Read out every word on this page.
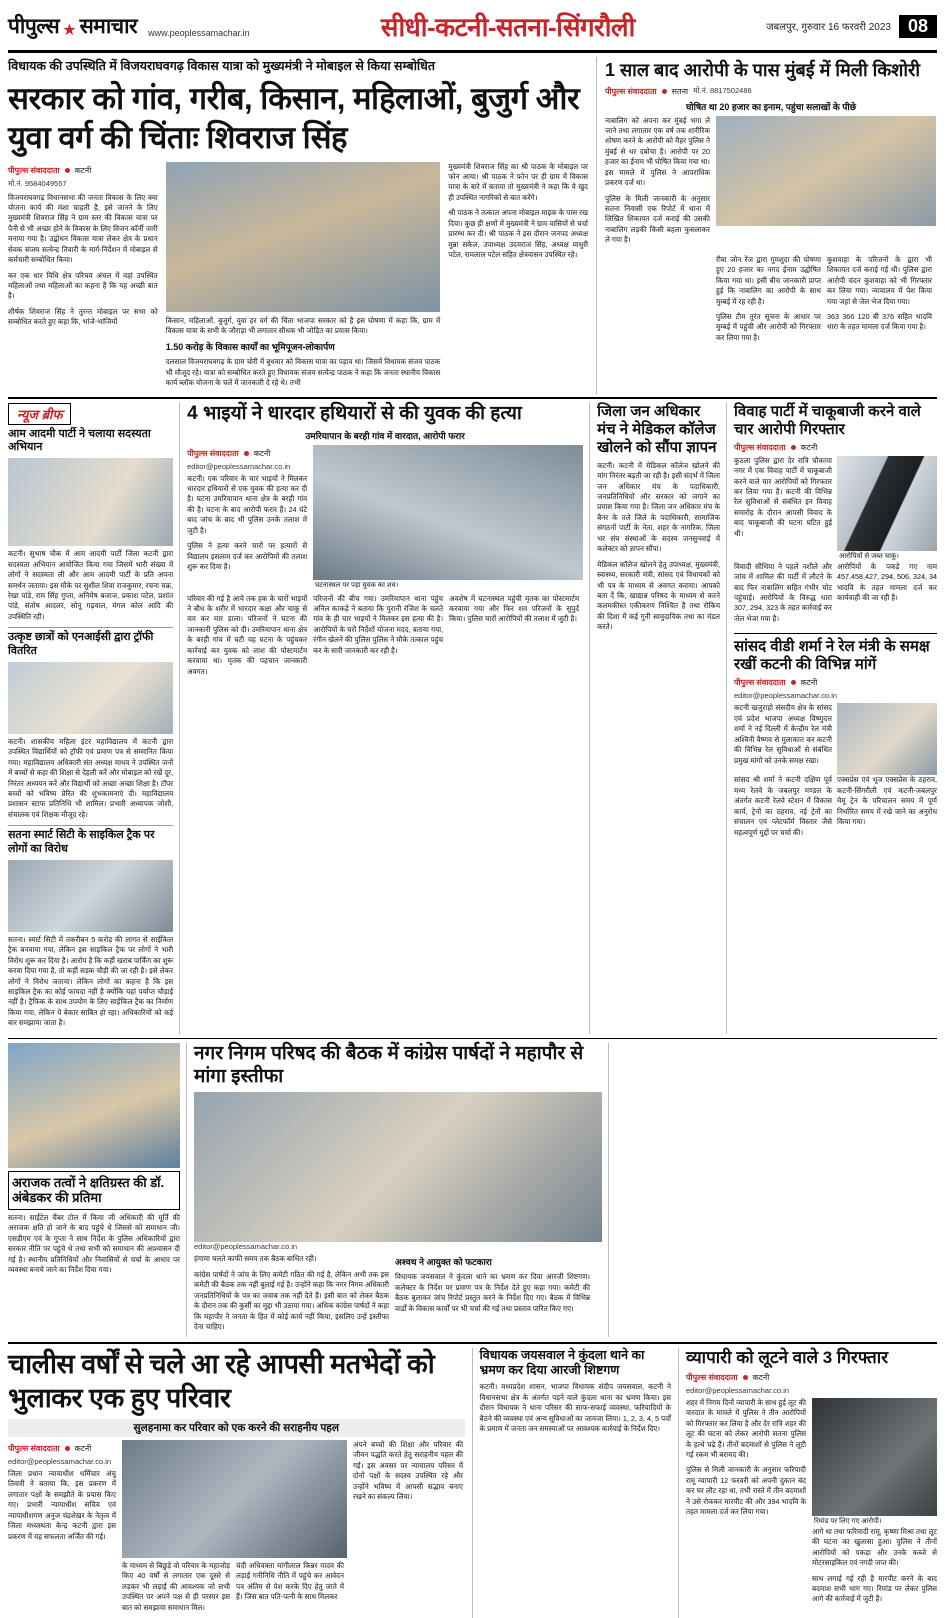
पीपुल्स ★ समाचार www.peoplessamachar.in	सीधी-कटनी-सतना-सिंगरौली	जबलपुर, गुरुवार 16 फरवरी 2023 08
विधायक की उपस्थिति में विजयराघवगढ़ विकास यात्रा को मुख्यमंत्री ने मोबाइल से किया सम्बोधित
सरकार को गांव, गरीब, किसान, महिलाओं, बुजुर्ग और युवा वर्ग की चिंताः शिवराज सिंह
पीपुल्स संवाददाता कटनी
मो.नं. 9584049557

विजयराघवगढ़ विधानसभा की जनता विकास के लिए क्या योजना कार्य की मंशा चाहती है, इसे जानने के लिए मुख्यमंत्री शिवराज सिंह ने ग्राम स्तर की विकास यात्रा पर पैनी से भी अच्छा होने के विकास के लिए विजन कॉर्नी जारी मनाया गया है। उद्बोधन विकास यात्रा लेकर क्षेत्र के प्रधान सेवक संजय सत्येन्द्र तिवारी के मार्ग-निर्देशन में मोबाइल से कर्मचारी सम्बोधित किया।

कर एक धार विधि क्षेत्र परिचय अंचल में वहां उपस्थित महिलाओं तथा महिलाओं का कहना है कि यह अच्छी बात है।

शीर्षक शिवराज सिंह ने तुरन्त मोबाइल पर सभा को सम्बोधित करते हुए कहा कि, भांजे-भांजियों	किसान, महिलाओं, बुजुर्ग, युवा हर वर्ग की चिंता भाजपा सरकार को है इस घोषणा में कहा कि, ग्राम में विकास यात्रा के सभी के जौराड़ा भी लगातार सीधक भी जोड़ित का प्रयास किया।

1.50 करोड़ के विकास कार्यों का भूमिपूजन-लोकार्पण

दलसाल विजयराघवगढ़ के ग्राम चोरी में बुधवार को विकास यात्रा का पड़ाव था। जिसमें विधायक संजय पाठक भी मौजूद रहे। यात्रा को सम्बोधित करते हुए विधायक संजय सत्येन्द्र पाठक ने कहा कि जनता स्थानीय विकास कार्य ब्लॉक योजना के चलें में जानकारी दे रहे थे। तभी

मुख्यमंत्री शिवराज सिंह का श्री पाठक के मोबाइल पर फोन आया। श्री पाठक ने फोन पर ही ग्राम में विकास यात्रा के बारे में बताया तो मुख्यमंत्री ने कहा कि वे खुद ही उपस्थित नागरिकों से बात करेंगे।

श्री पाठक ने तत्काल अपना मोबाइल माइक के पास रख दिया। कुछ ही क्षणों में मुख्यमंत्री ने ग्राम वासियों से चर्चा प्रारम्भ कर दी। श्री पाठक ने इस दौरान जनपद अध्यक्ष मुन्ना सकेल, उपाध्यक्ष उदयराज सिंह, अध्यक्ष माधुरी पटेल, रामलाल पटेल सहित क्षेत्रवासन उपस्थित रहे।

1 साल बाद आरोपी के पास मुंबई में मिली किशोरी
पीपुल्स संवाददाता सतना मो.नं. 8817502486
घोषित था 20 हजार का इनाम, पहुंचा सलाखों के पीछे

नाबालिग को अपना कर मुंबई भगा ले जाने तथा लगातार एक वर्ष तक शारीरिक शोषण करने के आरोपी को मैहर पुलिस ने मुंबई से धर दबोचा है। आरोपी पर 20 हजार का ईनाम भी घोषित किया गया था। इस मामले में पुलिस ने आपराधिक प्रकरण दर्ज था।

पुलिस के मिली जानकारी के अनुसार सतना निवासी एक रिपोर्ट में थाना में लिखित शिकायत दर्ज कराई की उसकी नाबालिग लड़की किसी बहला फुसलाकर ले गया है।

रीवा जोन रेंज द्वारा गुमशुदा की घोषणा हुए 20 हजार का नगद ईनाम उद्घोषित किया गया था। इसी बीच जानकारी प्राप्त हुई कि नाबालिग का आरोपी के साथ मुम्बई में रह रही है।

पुलिस टीम तुरंत सूचना के आधार पर मुम्बई में पहुंची और आरोपी को गिरफ्तार कर लिया गया है।

कुशवाहा के परिजनों के द्वारा भी शिकायत दर्ज कराई गई थी। पुलिस द्वारा आरोपी चंदन कुशवाहा को भी गिरफ्तार कर लिया गया। न्यायालय में पेश किया गया जहां से जेल भेज दिया गया।

363 366 120 बी 376 सहित भादवि धारा के तहत मामला दर्ज किया गया है।

न्यूज ब्रीफ
आम आदमी पार्टी ने चलाया सदस्यता अभियान

कटनी। सुभाष चौक में आम आदमी पार्टी जिला कटनी द्वारा सदस्यता अभियान आयोजित किया गया जिसमें भारी संख्या में लोगों ने सदस्यता ली और आम आदमी पार्टी के प्रति अपना समर्थन जताया। इस मौके पर सुशील शिवा राजकुमार, रचना चक्र, रेखा पांडे, राम सिंह गुप्ता, अनिमेष बजाज, प्रकाश पटेल, प्रशांत पांडे, संतोष आदलर, सोनू गढ़वाल, मंगल कोल आदि की उपस्थिति रही।

उत्कृष्ट छात्रों को एनआईसी द्वारा ट्रॉफी वितरित

कटनी। शासकीय महिला इंटर महाविद्यालय में कटनी द्वारा उपस्थित विद्यार्थियों को ट्रॉफी एवं प्रमाण पत्र से सम्मानित किया गया। महाविद्यालय अधिकारी संत अध्यक्ष माधव ने उपस्थित जनों में बच्चों से कहा की शिक्षा से देहली करें और मोबाइल को रखें दूर, निरंतर अध्ययन करें और विद्यार्थी को अच्छा अच्छा शिक्षा है। टॉपर बच्चों को भविष्य प्रेरित की शुभकामनाएं दी। महाविद्यालय प्रशासन स्टाफ प्रतिनिधि भी शामिल। प्रभारी अध्यापक जोशी, संचालक एवं शिक्षक मौजूद रहे।

सतना स्मार्ट सिटी के साइकिल ट्रैक पर लोगों का विरोध

सतना। स्मार्ट सिटी में तकरीबन 5 करोड़ की लागत से साईकिल ट्रैक बनवाया गया, लेकिन इस साइकिल ट्रैक पर लोगों ने भारी विरोध शुरू कर दिया है। आरोप है कि कहीं खराब पार्किंग का शुरू करवा दिया गया है, तो कहीं सड़क चौड़ी की जा रही है। इसे लेकर लोगों ने विरोध जताया। लेकिन लोगों का कहना है कि इस साइकिल ट्रैक का कोई फायदा नहीं है क्योंकि यहां पर्याप्त चौड़ाई नहीं है। ट्रैफिक के साथ उपयोग के लिए साईकिल ट्रैक का निर्माण किया गया, लेकिन ये बेकार साबित हो रहा। अधिकारियों को कई बार समझाया जाता है।

4 भाइयों ने धारदार हथियारों से की युवक की हत्या
उमरियापान के बरही गांव में वारदात, आरोपी फरार
पीपुल्स संवाददाता कटनी
editor@peoplessamachar.co.in

कटनी। एक परिवार के चार भाइयों ने मिलकर धारदार हथियारों से एक युवक की हत्या कर दी है। घटना उमरियापान थाना क्षेत्र के बरही गांव की है। घटना के बाद आरोपी फरार हैं। 24 घंटे बाद जांच के बाद भी पुलिस उनके तलाश में जुटी है।

पुलिस ने हत्या करने चारों पर हत्यारों से विद्यालय इसलाम दर्ज कर आरोपियों की तलाश शुरू कर दिया है।

घटनास्थल पर पड़ा युवक का शव।

परिवार की गई है आये तक हक के चारों भाइयों ने बौध के शरीर में भारदार कक्षा और चाकू से वार कर मार डाला। परिजनों ने घटना की जानकारी पुलिस को दी। उमरियापान थाना क्षेत्र के बरही गांव में घटी यह घटना के पहुंचकर कार्रवाई कर युवक को लाश की पोस्टमार्टम करवाया था। मृतक की पहचान जानकारी अवगत।

परिजनों की बीच गया। उमरियापान थाना पहुंच अनिल काकड़े ने बताया कि पुरानी रंजिश के चलते गांव के ही चार भाइयों ने मिलकर इस हत्या की है। आरोपियों के घरों निर्देशों योजना मदद, बताया गया, रंगीन खेलने की पुलिस पुलिस ने मौके तत्काल पहुंच कर के सारी जानकारी कर रही है।

अवशेष में घटनास्थल पहुंची मृतक का पोस्टमार्टम करवाया गया और फिर शव परिजनों के सुपुर्द किया। पुलिस चारों आरोपियों की तलाश में जुटी है।

जिला जन अधिकार मंच ने मेडिकल कॉलेज खोलने को सौंपा ज्ञापन

कटनी। कटनी में मेडिकल कॉलेज खोलने की मांग निरंतर बढ़ती जा रही है। इसी संदर्भ में जिला जन अधिकार मंच के पदाधिकारी, जनप्रतिनिधियों और सरकार को जगाने का प्रयास किया गया है। जिला जन अधिकार मंच के बैनर के तले जिले के पदाधिकारी, सामाजिक संगठनों पार्टी के नेता, शहर के नागरिक, जिला भर संघ संस्थाओं के सदस्य जनसुनवाई में कलेक्टर को ज्ञापन सौंपा।

मेडिकल कॉलेज खोलने हेतु उपाध्यक्ष, मुख्यमंत्री, स्वास्थ्य, सरकारी मंत्री, सांसद एवं विधायकों को भी पत्र के माध्यम से अवगत कराया। आपको बता दें कि, खाद्यान्न परिषद के माध्यम से करने कलमकीस्त एकीकरण निश्चित है तथा रोकिय की दिशा में कई गुनी सामुदायिक तथा का मंडल करते।

विवाह पार्टी में चाकूबाजी करने वाले चार आरोपी गिरफ्तार
पीपुल्स संवाददाता कटनी

कुठला पुलिस द्वारा देर रात्रि चौकाया नगर में एक विवाह पार्टी में चाकूबाजी करने वाले चार आरोपियों को गिरफ्तार कर लिया गया है। कटनी की विभिन्न रेल सुविधाओं से संबंधित इन विवाह समारोह के दौरान आपसी विवाद के बाद चाकूबाजी की घटना घटित हुई थी।

आरोपियों से जब्त चाकू।

विवादी सीधिया ने पहले नशीले और जांच में शामिल की पार्टी में लौटने के बाद फिर नाबालिग सहित गंभीर चोट पहुंचाई। आरोपियों के विरुद्ध धारा 307, 294, 323 के तहत कार्रवाई कर जेल भेजा गया है।

आरोपियों के पकड़े गए नाम 457,458,427, 294, 506, 324, 34 भादवि के तहत मामला दर्ज कर कार्यवाही की जा रही है।

सांसद वीडी शर्मा ने रेल मंत्री के समक्ष रखीं कटनी की विभिन्न मांगें
पीपुल्स संवाददाता कटनी
editor@peoplessamachar.co.in

कटनी खजुराहो संसदीय क्षेत्र के सांसद एवं प्रदेश भाजपा अध्यक्ष विष्णुदत्त शर्मा ने नई दिल्ली में केन्द्रीय रेल मंत्री अश्विनी वैष्णव से मुलाकात कर कटनी की विभिन्न रेल सुविधाओं से संबंधित प्रमुख मांगों को उनके समक्ष रखा।

सांसद श्री शर्मा ने कटनी दक्षिण पूर्व मध्य रेलवे के जबलपुर मण्डल के अंतर्गत कटनी रेलवे स्टेशन में विकास कार्य, ट्रेनों का ठहराव, नई ट्रेनों का संचालन एवं प्लेटफॉर्म विस्तार जैसे महत्वपूर्ण मुद्दों पर चर्चा की।

एक्सप्रेस एवं भूज एक्सप्रेस के ठहराव, कटनी-सिंगरौली एवं कटनी-जबलपुर मेमू ट्रेन के परिचालन समय में पूर्ण निर्धारित समय में रखे जाने का अनुरोध किया गया।

अराजक तत्वों ने क्षतिग्रस्त की डॉ. अंबेडकर की प्रतिमा

सतना। साईंटेल चैंबर टोल में किया जी अधिकारी की मूर्ति की अराजक क्षति हो जाने के बाद पहुंचे थे जिससे को समाधान जी। एसडीएम एवं के गुप्ता ने साथ निर्देश के पुलिस अधिकारियों द्वारा सरकार नीति पर पहुंचे थे तथा सभी को समाधान की आश्वासन दी गई है। स्थानीय प्रतिनिधियों और निवासियों से चर्चा के आधार पर व्यवस्था बनाये जाने का निर्देश दिया गया।

नगर निगम परिषद की बैठक में कांग्रेस पार्षदों ने महापौर से मांगा इस्तीफा
editor@peoplessamachar.co.in

हंगामा चलते काफी समय तक बैठक बाधित रही।

कांग्रेस पार्षदों ने जांच के लिए कमेटी गठित की गई है, लेकिन अभी तक इस कमेटी की बैठक तक नहीं बुलाई गई है। उन्होंने कहा कि नगर निगम अधिकारी जनप्रतिनिधियों के पत्र का जवाब तक नहीं देते हैं। इसी बात को लेकर बैठक के दौरान तक की कुर्सी का मुद्दा भी उठाया गया। अधिक कांग्रेस पार्षदों ने कहा कि महापौर ने जनता के हित में कोई कार्य नहीं किया, इसलिए उन्हें इस्तीफा देना चाहिए।

अश्वथ ने आयुक्त को फटकारा

विधायक जयसवाल ने कुंदला थाने का भ्रमण कर दिया आरजी शिष्टगण। कलेक्टर के निर्देश पर प्रमाण पत्र के निर्देश देते हुए कहा गया। कमेटी की बैठक बुलाकर जांच रिपोर्ट प्रस्तुत करने के निर्देश दिए गए। बैठक में विभिन्न वार्डों के विकास कार्यों पर भी चर्चा की गई तथा प्रस्ताव पारित किए गए।

चालीस वर्षों से चले आ रहे आपसी मतभेदों को भुलाकर एक हुए परिवार
सुलहनामा कर परिवार को एक करने की सराहनीय पहल
पीपुल्स संवाददाता कटनी
editor@peoplessamachar.co.in

जिला प्रधान न्यायाधीश धर्मिचार अंचु तिवारी ने बताया कि, इस प्रकरण में लगातार पक्षों के समझौते के प्रयास किए गए। प्रभारी न्यायाधीश सचिव एवं न्यायाधीशगण अनुज चंद्रशेखर के नेतृत्व में जिला मध्यस्थता केन्द्र कटनी द्वारा इस प्रकरण में यह सफलता अर्जित की गई।

के माध्यम से बिछुड़े वो परिवार के महाजोड़ किए 40 वर्षों से लगातार एक दूसरे से लड़कर भी लड़ाई की आवश्यक जो सभी उपस्थित पर अपने पक्ष से ही परस्पर इस बात को समझाया समाधान मिल।

चंदी अधिवक्ता मांगीलाल किन्नर यादव की लड़ाई गनीनिधि नीति में पहुंचे कर आवेदन पत्र अंतिम से पेश करके दिए हेतु जाते में हैं। जिस बात पति-पत्नी के साथ मिलकर

अपने बच्चों की शिक्षा और परिवार की जीवन पद्धति करते हेतु सराहनीय पहल की गई। इस अवसर पर न्यायालय परिसर में दोनों पक्षों के सदस्य उपस्थित रहे और उन्होंने भविष्य में आपसी सद्भाव बनाए रखने का संकल्प लिया।

विधायक जयसवाल ने कुंदला थाने का भ्रमण कर दिया आरजी शिष्टगण

कटनी। मध्यप्रदेश शासन, भाजपा विधायक संदीप जयसवाल, कटनी ने विधानसभा क्षेत्र के अंतर्गत पड़ने वाले कुंदला थाना का भ्रमण किया। इस दौरान विधायक ने थाना परिसर की साफ-सफाई व्यवस्था, फरियादियों के बैठने की व्यवस्था एवं अन्य सुविधाओं का जायजा लिया। 1, 2, 3, 4, 5 पर्वों के प्रमाण में जनता जन समस्याओं पर आवश्यक कार्रवाई के निर्देश दिए।

व्यापारी को लूटने वाले 3 गिरफ्तार
पीपुल्स संवाददाता कटनी
editor@peoplessamachar.co.in

शहर में निगम दिनों व्यापारी के साथ हुई लूट की वारदात के मामले में पुलिस ने तीन आरोपियों को गिरफ्तार कर लिया है और देर रात्रि शहर की लूट की घटना को लेकर आरोपी सतना पुलिस के हत्थे चढ़े हैं। तीनों बदमाशों से पुलिस ने लूटी गई रकम भी बरामद की।

पुलिस से मिली जानकारी के अनुसार फरियादी रामू व्यापारी 12 फरवरी को अपनी दुकान बंद कर घर लौट रहा था, तभी रास्ते में तीन बदमाशों ने उसे रोककर मारपीट की और 394 भादवि के तहत मामला दर्ज कर लिया गया।

रिमांड पर लिए गए आरोपी।

आगे था तथा फरियादी रामू, कृष्णा मिश्रा तथा लूट की घटना का खुलासा हुआ। पुलिस ने तीनों आरोपियों को पकड़ा और उनके कब्जे से मोटरसाइकिल एवं नगदी जप्त की।

साथ लगाई गई रही है मारपीट करने के बाद बदमाश सभी भाग गए। रिमांड पर लेकर पुलिस आगे की कार्रवाई में जुटी है।
